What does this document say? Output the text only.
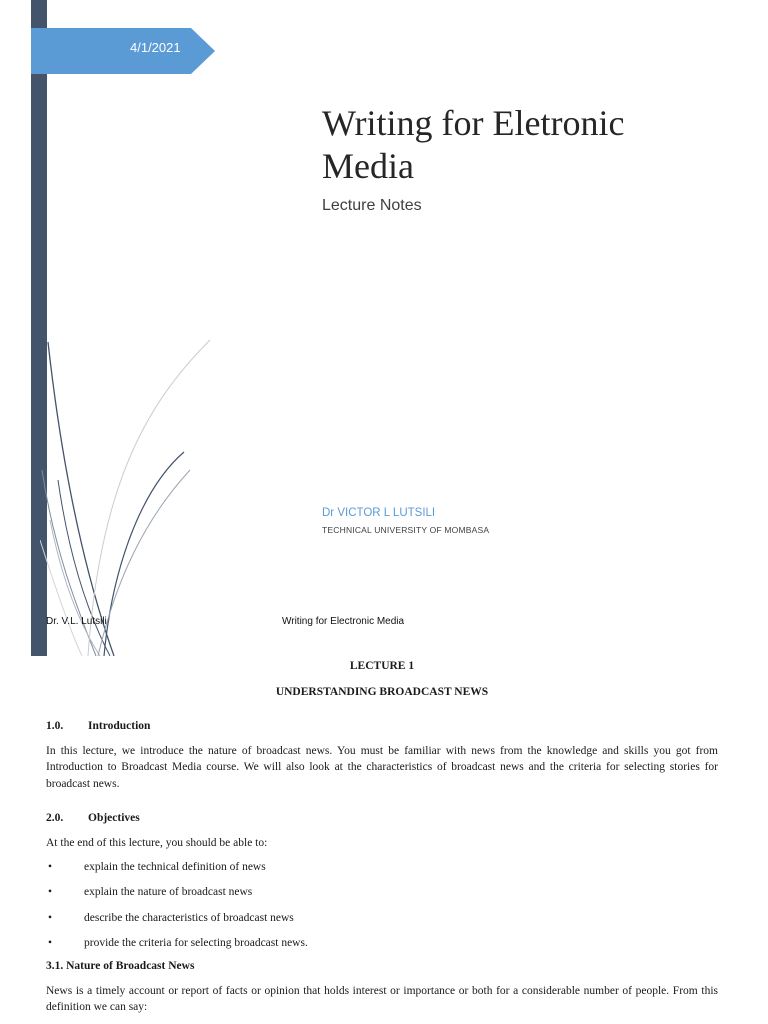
4/1/2021
Writing for Eletronic Media
Lecture Notes
Dr VICTOR L LUTSILI
TECHNICAL UNIVERSITY OF MOMBASA
Dr. V.L. Lutsili	Writing for Electronic Media
LECTURE 1
UNDERSTANDING BROADCAST NEWS
1.0. Introduction

In this lecture, we introduce the nature of broadcast news. You must be familiar with news from the knowledge and skills you got from Introduction to Broadcast Media course. We will also look at the characteristics of broadcast news and the criteria for selecting stories for broadcast news.

2.0. Objectives

At the end of this lecture, you should be able to:

• explain the technical definition of news
• explain the nature of broadcast news
• describe the characteristics of broadcast news
• provide the criteria for selecting broadcast news.
3.1. Nature of Broadcast News

News is a timely account or report of facts or opinion that holds interest or importance or both for a considerable number of people. From this definition we can say:
